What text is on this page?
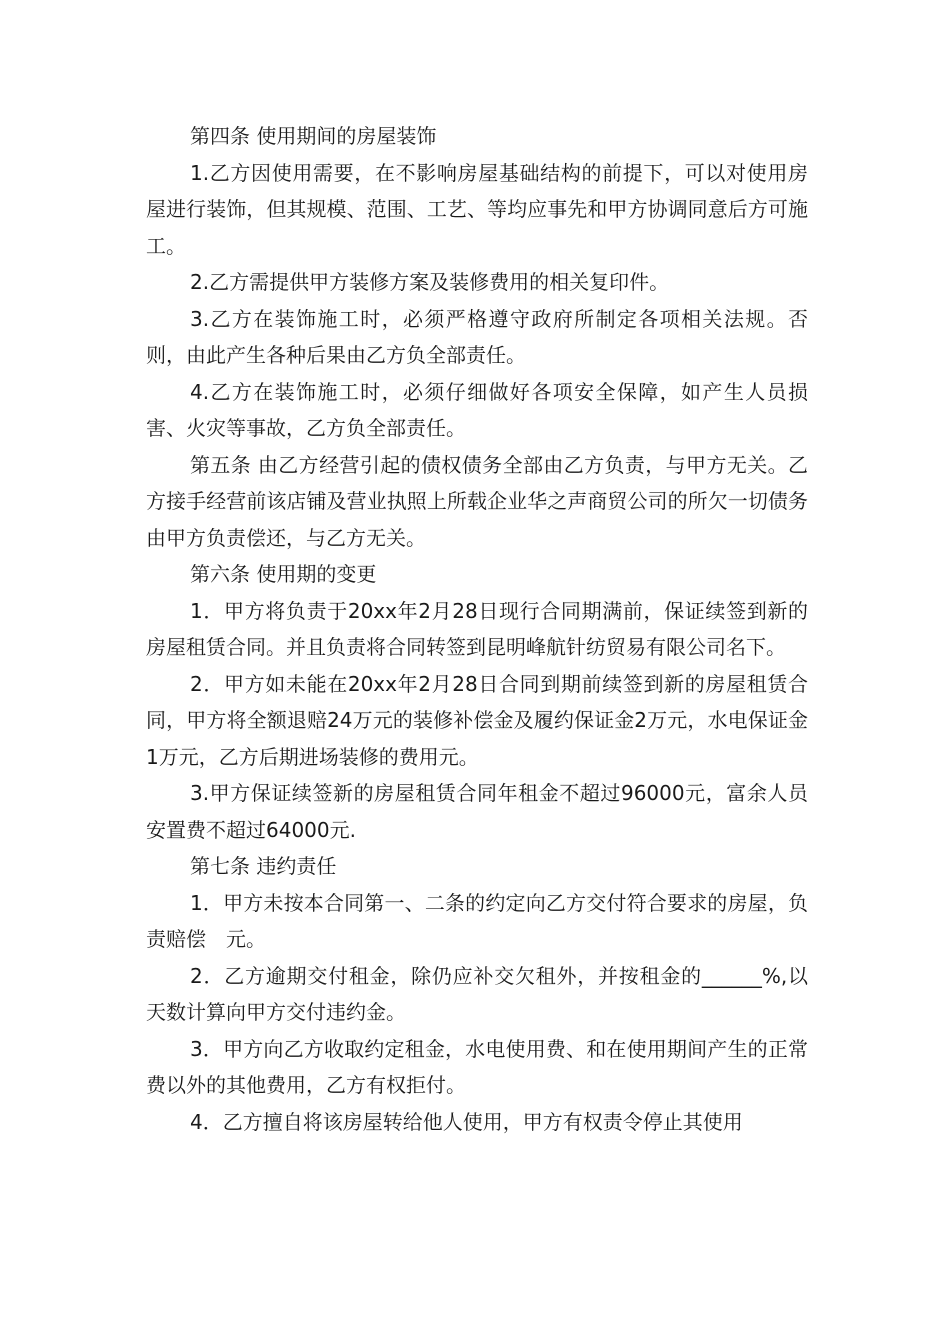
第四条 使用期间的房屋装饰

1.乙方因使用需要，在不影响房屋基础结构的前提下，可以对使用房屋进行装饰，但其规模、范围、工艺、等均应事先和甲方协调同意后方可施工。

2.乙方需提供甲方装修方案及装修费用的相关复印件。

3.乙方在装饰施工时，必须严格遵守政府所制定各项相关法规。否则，由此产生各种后果由乙方负全部责任。

4.乙方在装饰施工时，必须仔细做好各项安全保障，如产生人员损害、火灾等事故，乙方负全部责任。

第五条 由乙方经营引起的债权债务全部由乙方负责，与甲方无关。乙方接手经营前该店铺及营业执照上所载企业华之声商贸公司的所欠一切债务由甲方负责偿还，与乙方无关。

第六条 使用期的变更

1．甲方将负责于20xx年2月28日现行合同期满前，保证续签到新的房屋租赁合同。并且负责将合同转签到昆明峰航针纺贸易有限公司名下。

2．甲方如未能在20xx年2月28日合同到期前续签到新的房屋租赁合同，甲方将全额退赔24万元的装修补偿金及履约保证金2万元，水电保证金1万元，乙方后期进场装修的费用元。

3.甲方保证续签新的房屋租赁合同年租金不超过96000元，富余人员安置费不超过64000元.

第七条 违约责任

1．甲方未按本合同第一、二条的约定向乙方交付符合要求的房屋，负责赔偿　元。

2．乙方逾期交付租金，除仍应补交欠租外，并按租金的______%,以天数计算向甲方交付违约金。

3．甲方向乙方收取约定租金，水电使用费、和在使用期间产生的正常费以外的其他费用，乙方有权拒付。

4．乙方擅自将该房屋转给他人使用，甲方有权责令停止其使用
